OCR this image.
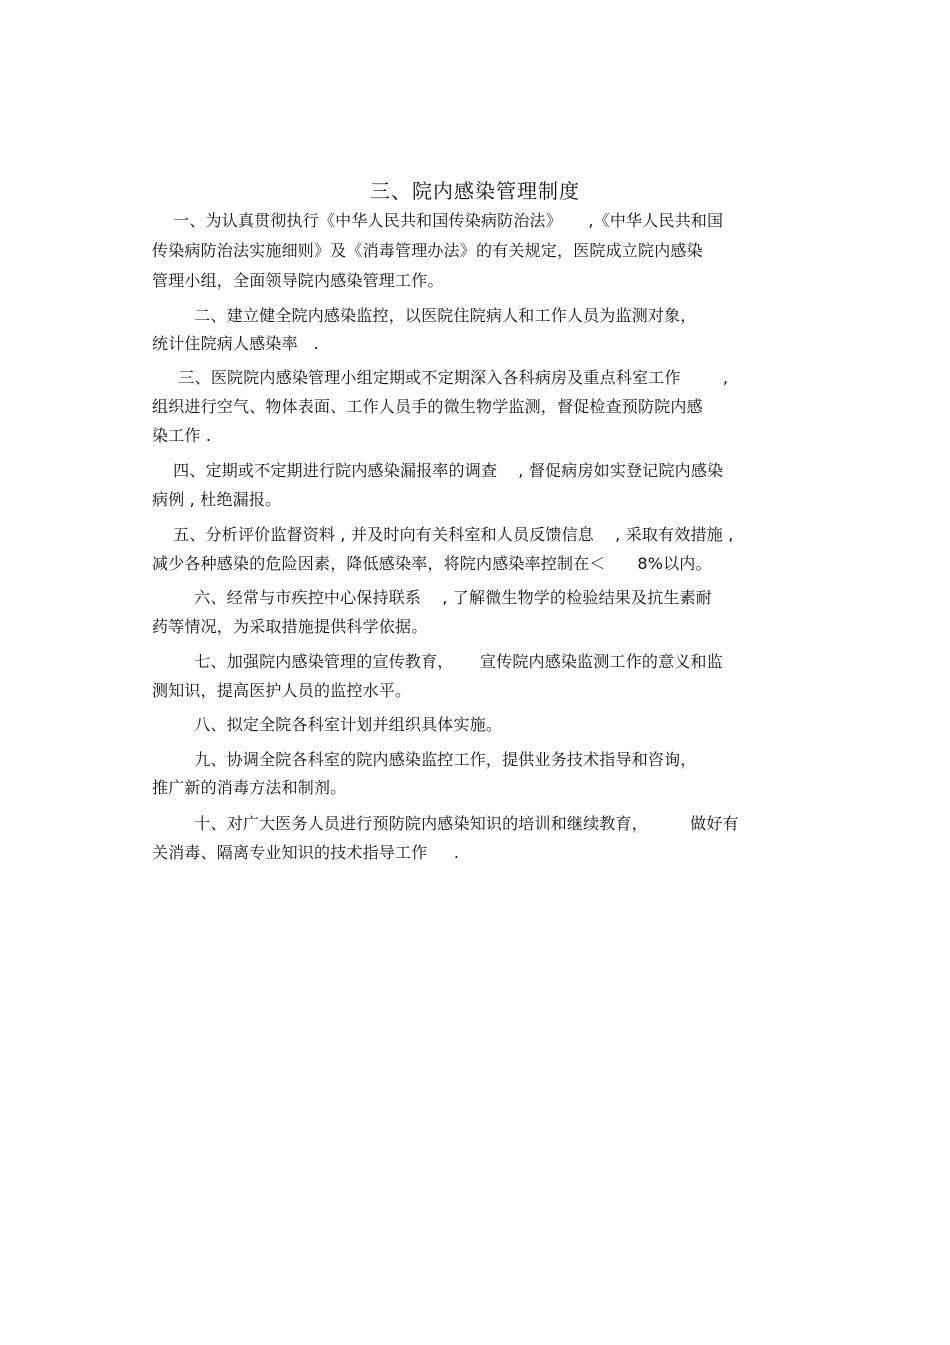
三、院内感染管理制度
一、为认真贯彻执行《中华人民共和国传染病防治法》     ,《中华人民共和国
传染病防治法实施细则》及《消毒管理办法》的有关规定，医院成立院内感染
管理小组，全面领导院内感染管理工作。
二、建立健全院内感染监控，以医院住院病人和工作人员为监测对象，
统计住院病人感染率   .
三、医院院内感染管理小组定期或不定期深入各科病房及重点科室工作        ,
组织进行空气、物体表面、工作人员手的微生物学监测，督促检查预防院内感
染工作 .
四、定期或不定期进行院内感染漏报率的调查    , 督促病房如实登记院内感染
病例 , 杜绝漏报。
五、分析评价监督资料 , 并及时向有关科室和人员反馈信息    , 采取有效措施 ,
减少各种感染的危险因素，降低感染率，将院内感染率控制在＜      8%以内。
六、经常与市疾控中心保持联系    , 了解微生物学的检验结果及抗生素耐
药等情况，为采取措施提供科学依据。
七、加强院内感染管理的宣传教育，     宣传院内感染监测工作的意义和监
测知识，提高医护人员的监控水平。
八、拟定全院各科室计划并组织具体实施。
九、协调全院各科室的院内感染监控工作，提供业务技术指导和咨询，
推广新的消毒方法和制剂。
十、对广大医务人员进行预防院内感染知识的培训和继续教育，        做好有
关消毒、隔离专业知识的技术指导工作     .
